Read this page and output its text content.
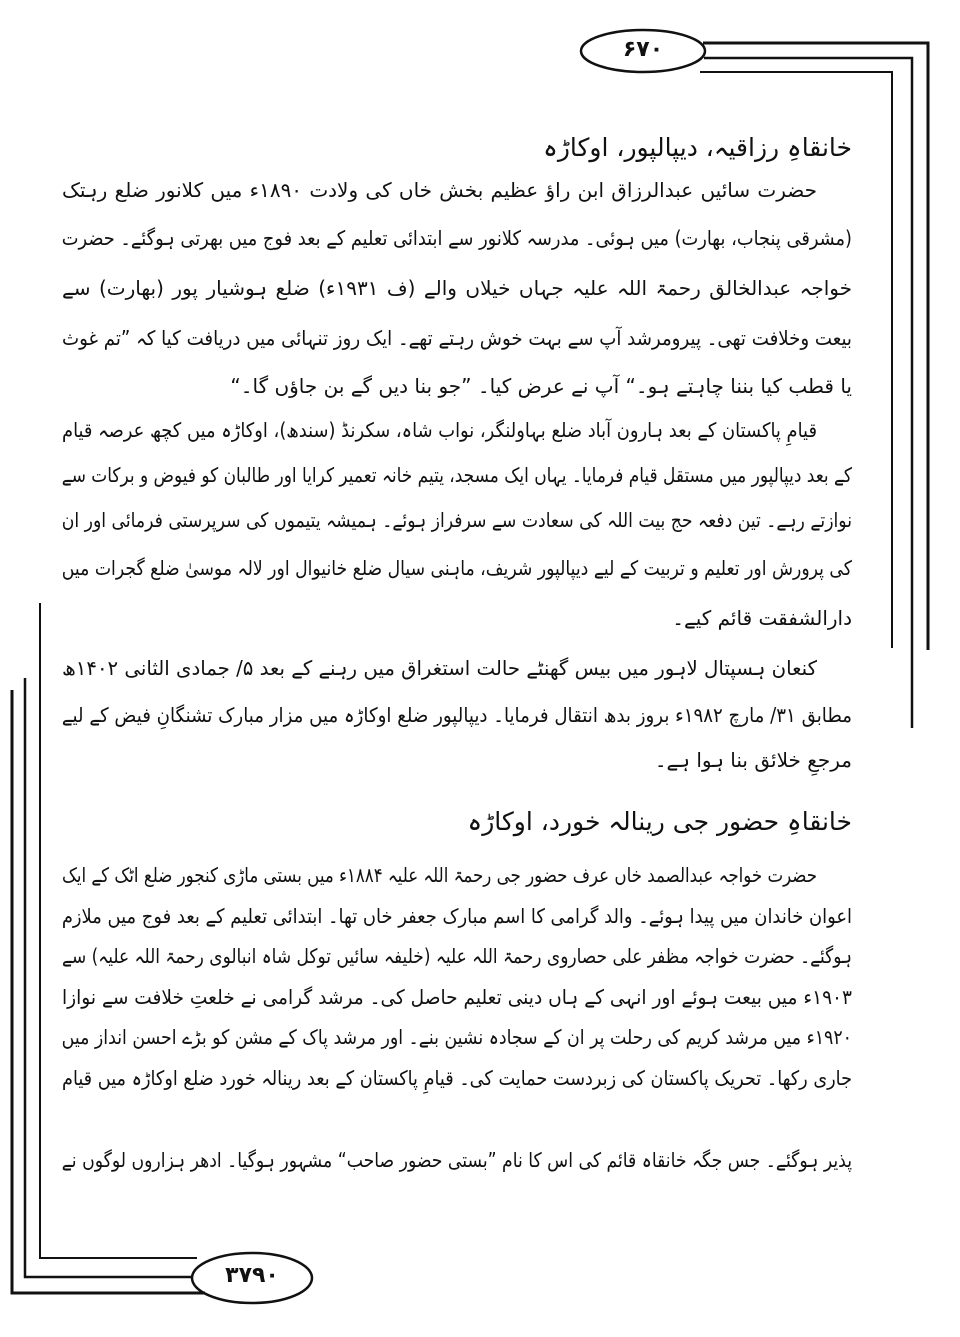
۶۷۰
۳۷۹۰
خانقاہِ رزاقیہ، دیپالپور، اوکاڑہ
حضرت سائیں عبدالرزاق ابن راؤ عظیم بخش خاں کی ولادت ۱۸۹۰ء میں کلانور ضلع رہتک
(مشرقی پنجاب، بھارت) میں ہوئی۔ مدرسہ کلانور سے ابتدائی تعلیم کے بعد فوج میں بھرتی ہوگئے۔ حضرت
خواجہ عبدالخالق رحمۃ اللہ علیہ جہاں خیلاں والے (ف ۱۹۳۱ء) ضلع ہوشیار پور (بھارت) سے
بیعت وخلافت تھی۔ پیرومرشد آپ سے بہت خوش رہتے تھے۔ ایک روز تنہائی میں دریافت کیا کہ ”تم غوث
یا قطب کیا بننا چاہتے ہو۔“ آپ نے عرض کیا۔ ”جو بنا دیں گے بن جاؤں گا۔“
قیامِ پاکستان کے بعد ہارون آباد ضلع بہاولنگر، نواب شاہ، سکرنڈ (سندھ)، اوکاڑہ میں کچھ عرصہ قیام
کے بعد دیپالپور میں مستقل قیام فرمایا۔ یہاں ایک مسجد، یتیم خانہ تعمیر کرایا اور طالبان کو فیوض و برکات سے
نوازتے رہے۔ تین دفعہ حج بیت اللہ کی سعادت سے سرفراز ہوئے۔ ہمیشہ یتیموں کی سرپرستی فرمائی اور ان
کی پرورش اور تعلیم و تربیت کے لیے دیپالپور شریف، ماہنی سیال ضلع خانیوال اور لالہ موسیٰ ضلع گجرات میں
دارالشفقت قائم کیے۔
کنعان ہسپتال لاہور میں بیس گھنٹے حالت استغراق میں رہنے کے بعد ۵/ جمادی الثانی ۱۴۰۲ھ
مطابق ۳۱/ مارچ ۱۹۸۲ء بروز بدھ انتقال فرمایا۔ دیپالپور ضلع اوکاڑہ میں مزار مبارک تشنگانِ فیض کے لیے
مرجعِ خلائق بنا ہوا ہے۔
خانقاہِ حضور جی رینالہ خورد، اوکاڑہ
حضرت خواجہ عبدالصمد خاں عرف حضور جی رحمۃ اللہ علیہ ۱۸۸۴ء میں بستی ماڑی کنجور ضلع اٹک کے ایک
اعوان خاندان میں پیدا ہوئے۔ والد گرامی کا اسم مبارک جعفر خاں تھا۔ ابتدائی تعلیم کے بعد فوج میں ملازم
ہوگئے۔ حضرت خواجہ مظفر علی حصاروی رحمۃ اللہ علیہ (خلیفہ سائیں توکل شاہ انبالوی رحمۃ اللہ علیہ) سے
۱۹۰۳ء میں بیعت ہوئے اور انہی کے ہاں دینی تعلیم حاصل کی۔ مرشد گرامی نے خلعتِ خلافت سے نوازا
۱۹۲۰ء میں مرشد کریم کی رحلت پر ان کے سجادہ نشین بنے۔ اور مرشد پاک کے مشن کو بڑے احسن انداز میں
جاری رکھا۔ تحریک پاکستان کی زبردست حمایت کی۔ قیامِ پاکستان کے بعد رینالہ خورد ضلع اوکاڑہ میں قیام
پذیر ہوگئے۔ جس جگہ خانقاہ قائم کی اس کا نام ”بستی حضور صاحب“ مشہور ہوگیا۔ ادھر ہزاروں لوگوں نے
